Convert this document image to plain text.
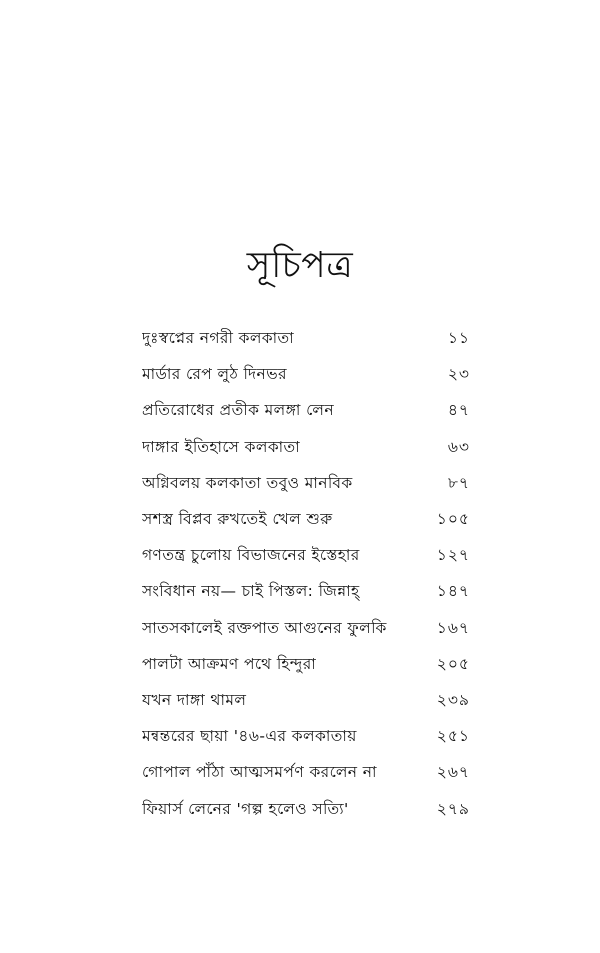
সূচিপত্র
দুঃস্বপ্নের নগরী কলকাতা	১১
মার্ডার রেপ লুঠ দিনভর	২৩
প্রতিরোধের প্রতীক মলঙ্গা লেন	৪৭
দাঙ্গার ইতিহাসে কলকাতা	৬৩
অগ্নিবলয় কলকাতা তবুও মানবিক	৮৭
সশস্ত্র বিপ্লব রুখতেই খেল শুরু	১০৫
গণতন্ত্র চুলোয় বিভাজনের ইস্তেহার	১২৭
সংবিধান নয়— চাই পিস্তল: জিন্নাহ্	১৪৭
সাতসকালেই রক্তপাত আগুনের ফুলকি	১৬৭
পালটা আক্রমণ পথে হিন্দুরা	২০৫
যখন দাঙ্গা থামল	২৩৯
মন্বন্তরের ছায়া '৪৬-এর কলকাতায়	২৫১
গোপাল পাঁঠা আত্মসমর্পণ করলেন না	২৬৭
ফিয়ার্স লেনের 'গল্প হলেও সত্যি'	২৭৯
